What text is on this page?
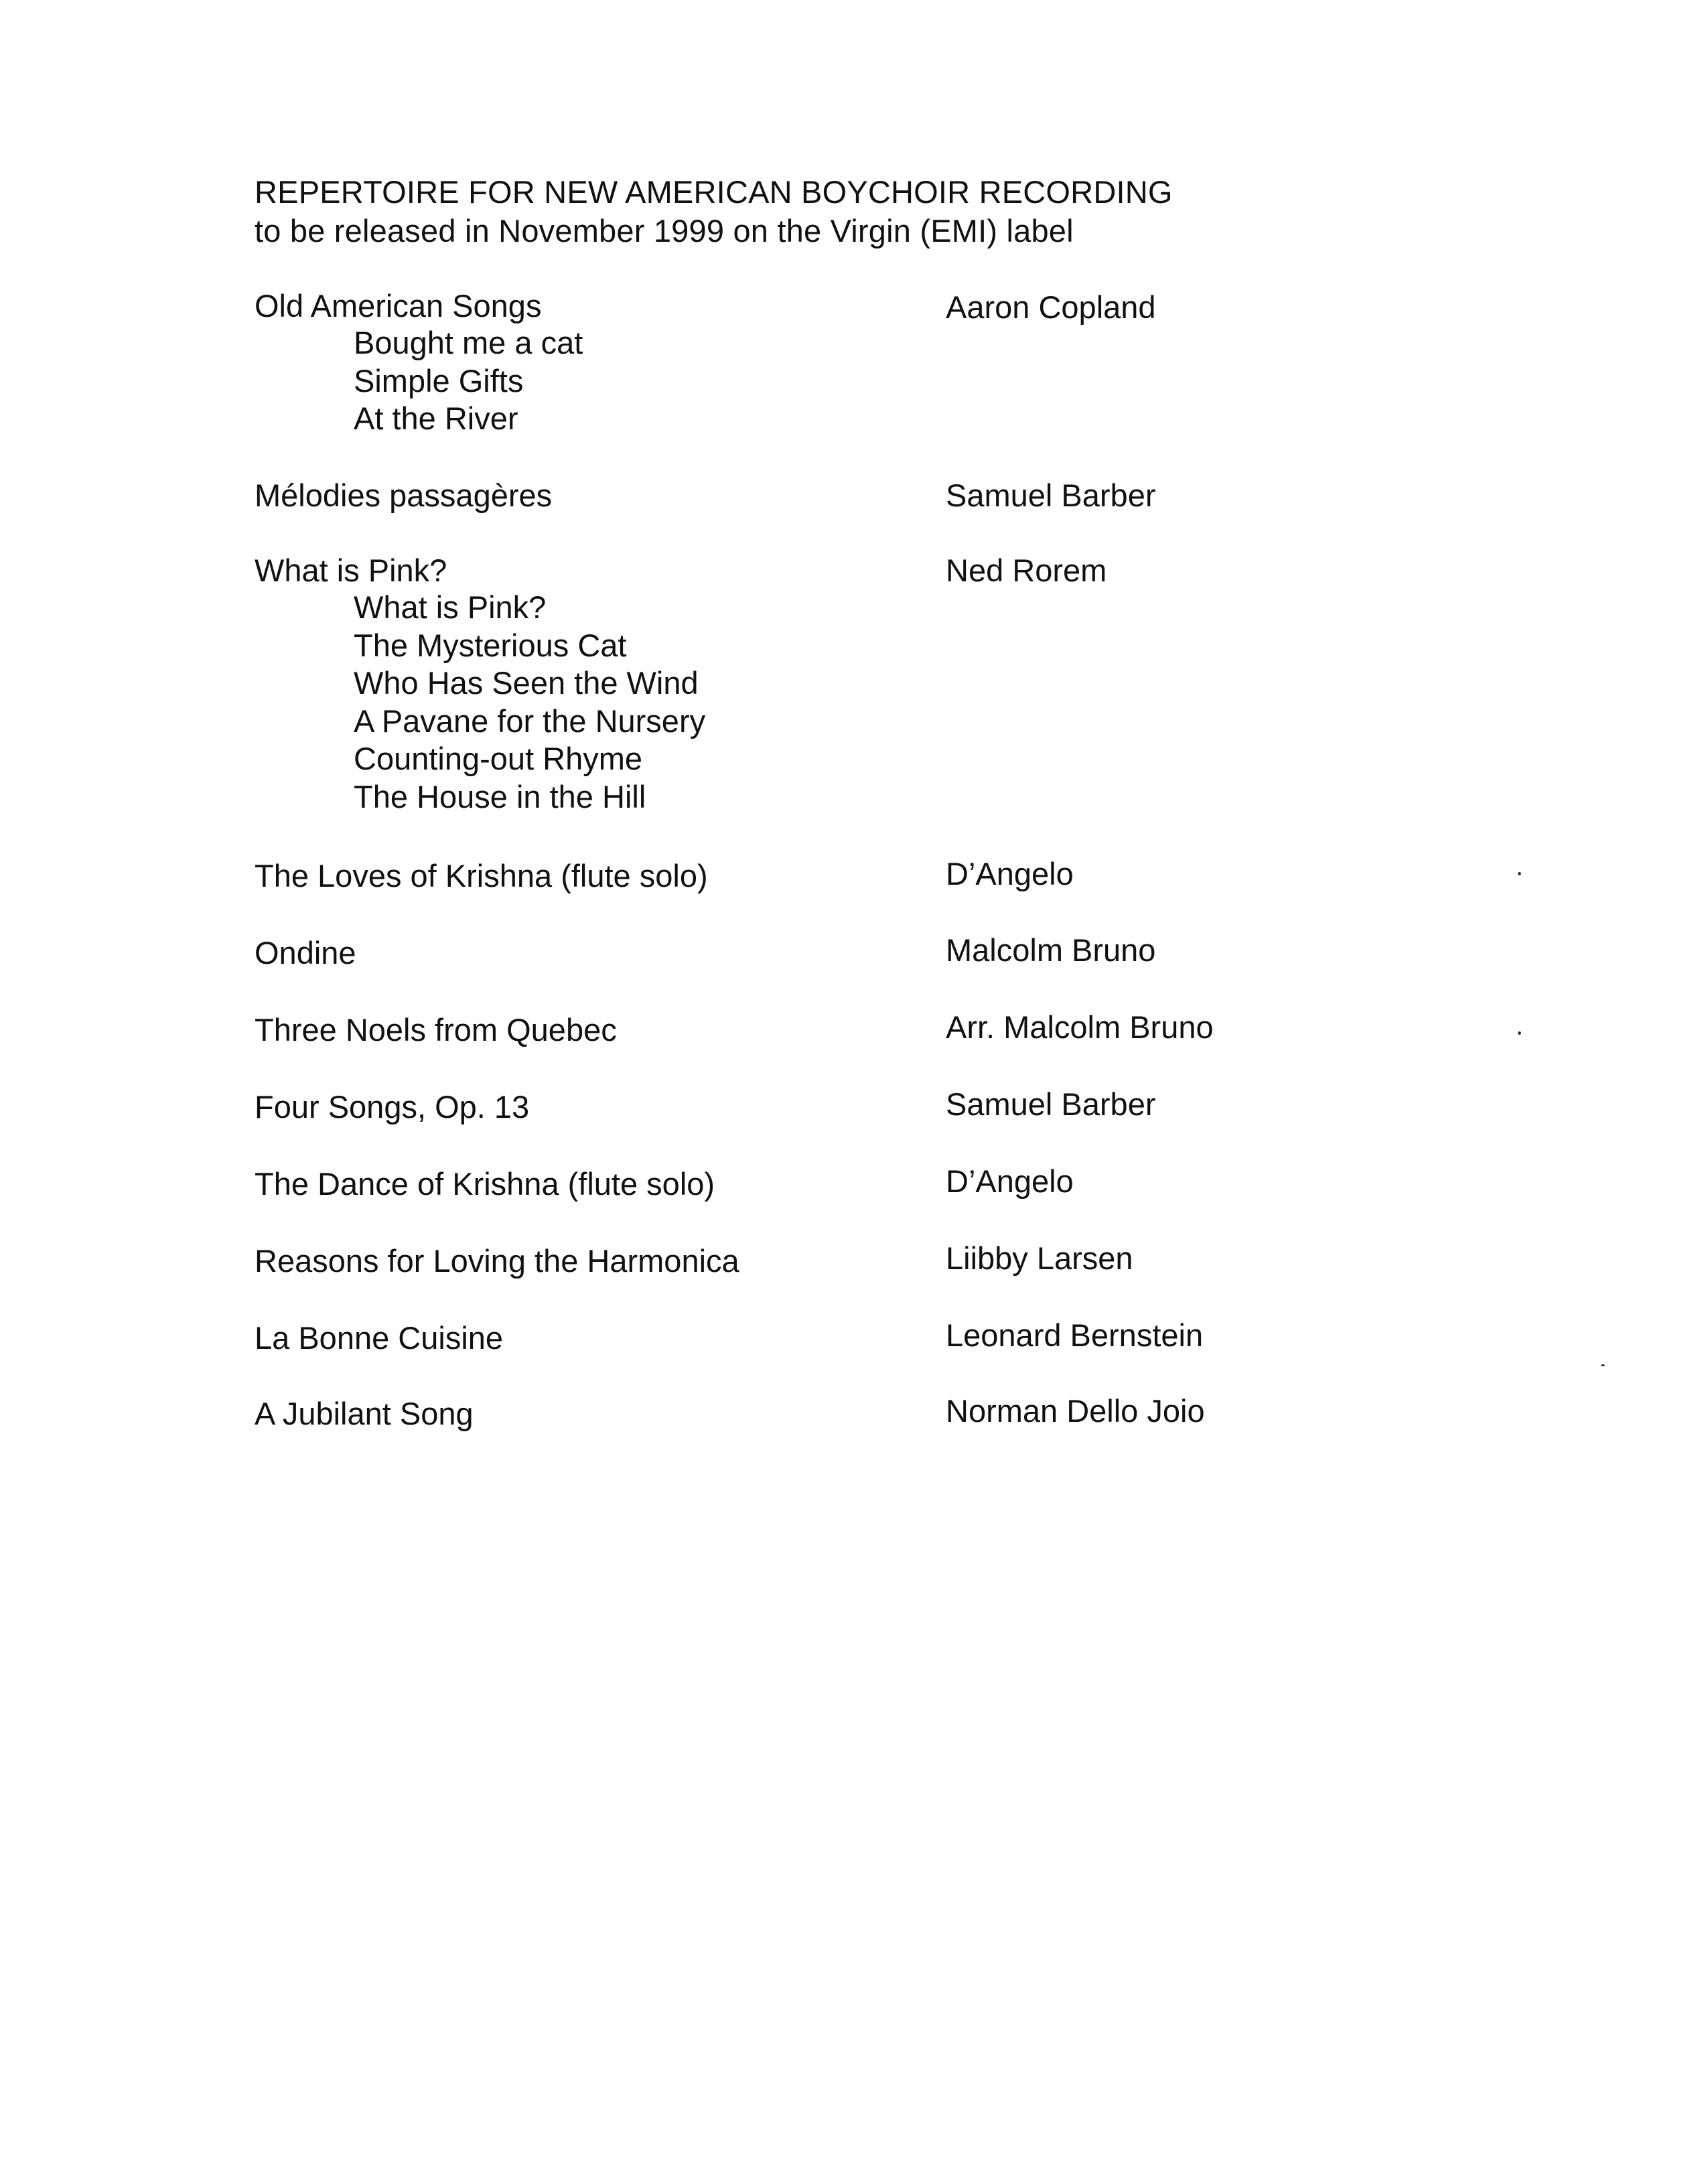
REPERTOIRE FOR NEW AMERICAN BOYCHOIR RECORDING
to be released in November 1999 on the Virgin (EMI) label
Old American Songs	Aaron Copland
Bought me a cat
Simple Gifts
At the River
Mélodies passagères	Samuel Barber
What is Pink?	Ned Rorem
What is Pink?
The Mysterious Cat
Who Has Seen the Wind
A Pavane for the Nursery
Counting-out Rhyme
The House in the Hill
The Loves of Krishna (flute solo)	D’Angelo
Ondine	Malcolm Bruno
Three Noels from Quebec	Arr. Malcolm Bruno
Four Songs, Op. 13	Samuel Barber
The Dance of Krishna (flute solo)	D’Angelo
Reasons for Loving the Harmonica	Liibby Larsen
La Bonne Cuisine	Leonard Bernstein
A Jubilant Song	Norman Dello Joio
